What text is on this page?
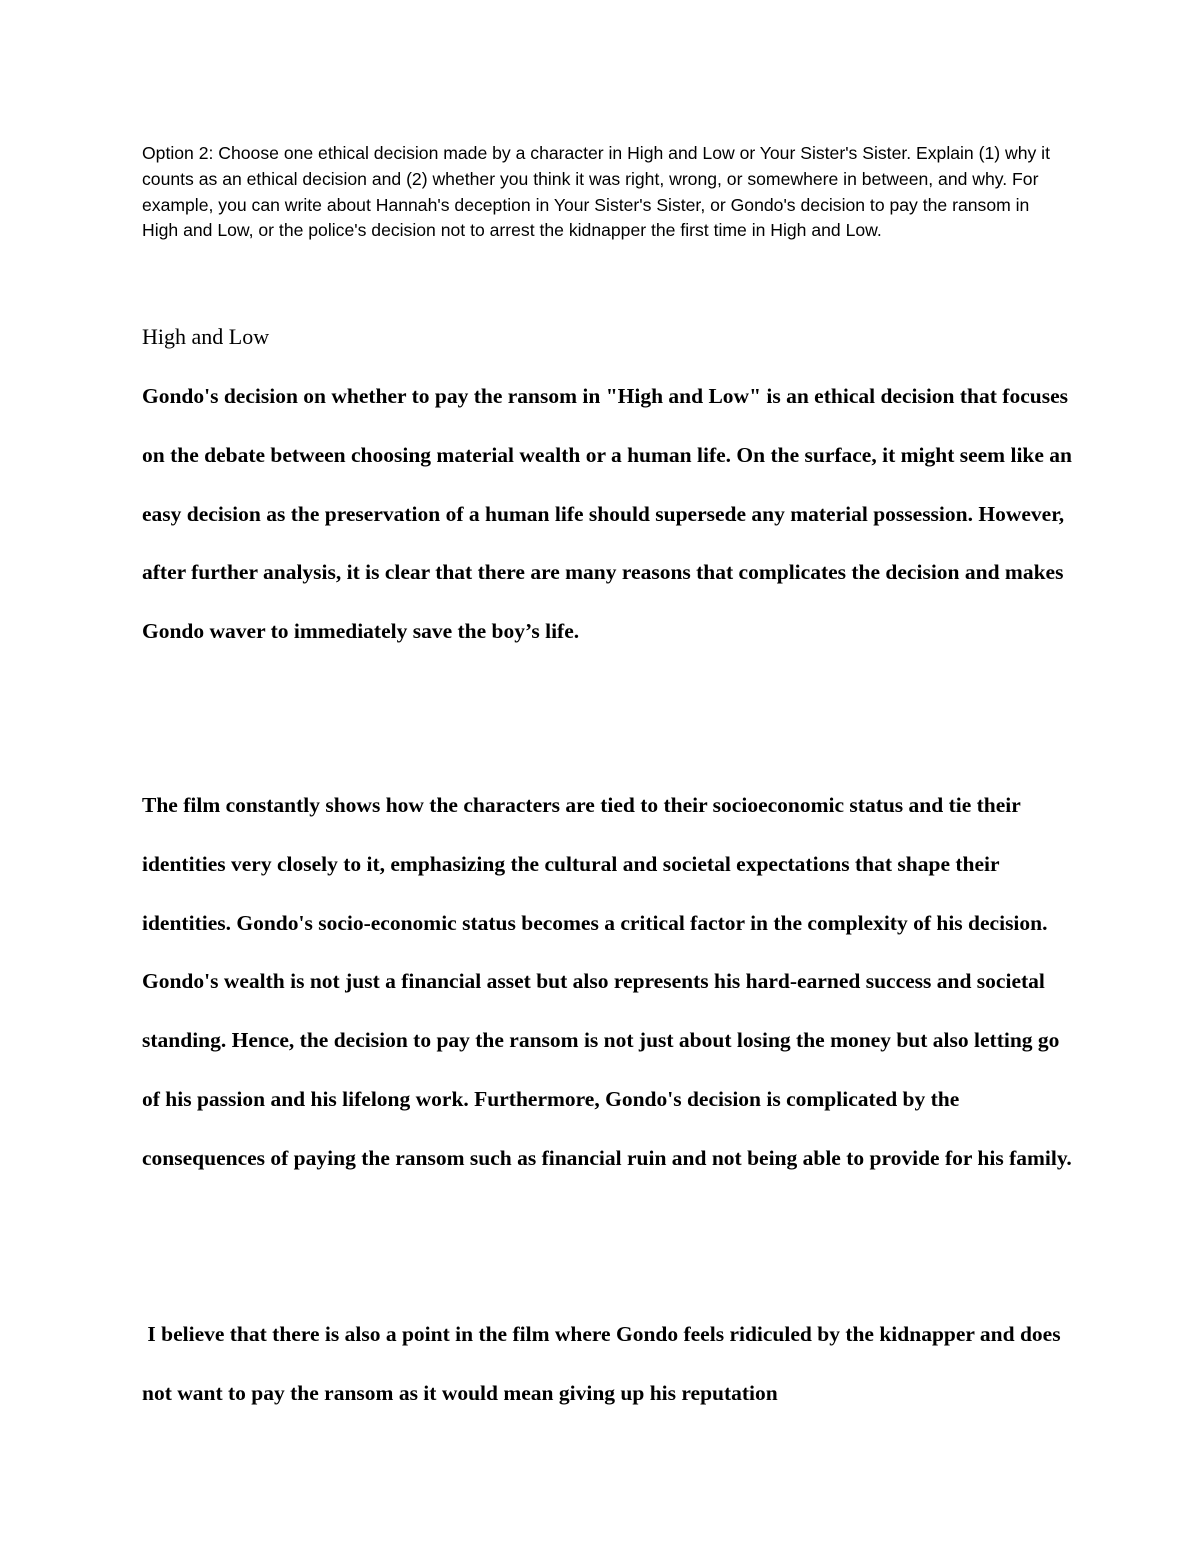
Option 2: Choose one ethical decision made by a character in High and Low or Your Sister's Sister. Explain (1) why it counts as an ethical decision and (2) whether you think it was right, wrong, or somewhere in between, and why. For example, you can write about Hannah's deception in Your Sister's Sister, or Gondo's decision to pay the ransom in High and Low, or the police's decision not to arrest the kidnapper the first time in High and Low.

High and Low

Gondo's decision on whether to pay the ransom in "High and Low" is an ethical decision that focuses on the debate between choosing material wealth or a human life. On the surface, it might seem like an easy decision as the preservation of a human life should supersede any material possession. However, after further analysis, it is clear that there are many reasons that complicates the decision and makes Gondo waver to immediately save the boy’s life.

The film constantly shows how the characters are tied to their socioeconomic status and tie their identities very closely to it, emphasizing the cultural and societal expectations that shape their identities. Gondo's socio-economic status becomes a critical factor in the complexity of his decision. Gondo's wealth is not just a financial asset but also represents his hard-earned success and societal standing. Hence, the decision to pay the ransom is not just about losing the money but also letting go of his passion and his lifelong work. Furthermore, Gondo's decision is complicated by the consequences of paying the ransom such as financial ruin and not being able to provide for his family.

I believe that there is also a point in the film where Gondo feels ridiculed by the kidnapper and does not want to pay the ransom as it would mean giving up his reputation
